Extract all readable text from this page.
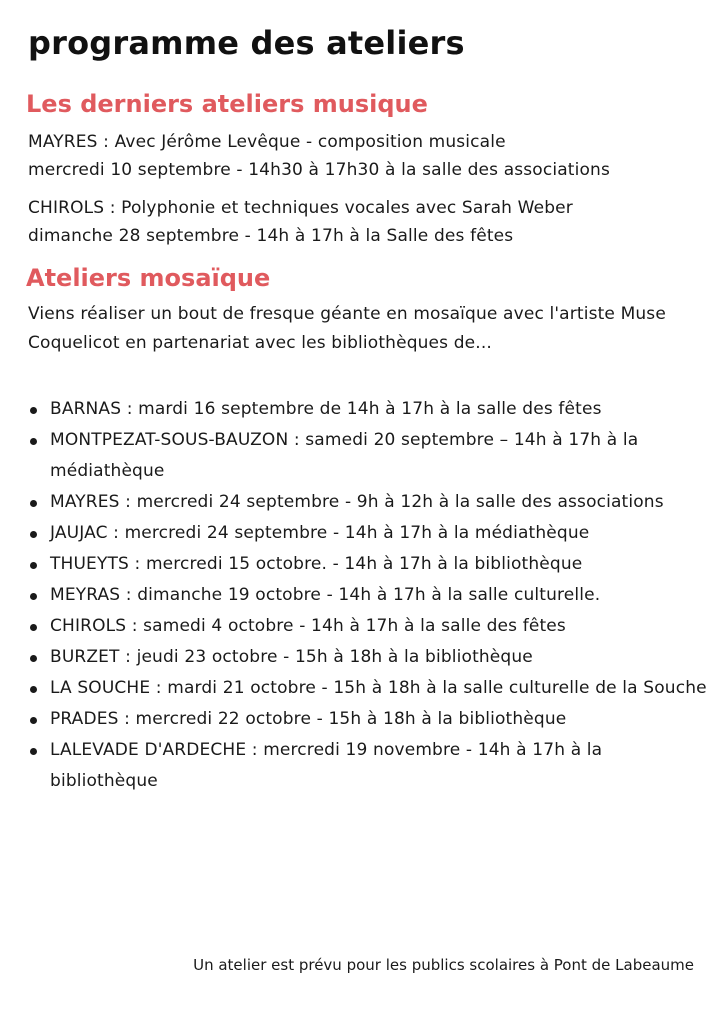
programme des ateliers
Les derniers ateliers musique

MAYRES : Avec Jérôme Levêque - composition musicale

mercredi 10 septembre - 14h30 à 17h30 à la salle des associations

CHIROLS : Polyphonie et techniques vocales avec Sarah Weber

dimanche 28 septembre - 14h à 17h à la Salle des fêtes

Ateliers mosaïque

Viens réaliser un bout de fresque géante en mosaïque avec l'artiste Muse Coquelicot en partenariat avec les bibliothèques de...

BARNAS : mardi 16 septembre de 14h à 17h à la salle des fêtes
MONTPEZAT-SOUS-BAUZON : samedi 20 septembre – 14h à 17h à la médiathèque
MAYRES : mercredi 24 septembre - 9h à 12h à la salle des associations
JAUJAC : mercredi 24 septembre - 14h à 17h à la médiathèque
THUEYTS : mercredi 15 octobre. - 14h à 17h à la bibliothèque
MEYRAS : dimanche 19 octobre - 14h à 17h à la salle culturelle.
CHIROLS : samedi 4 octobre - 14h à 17h à la salle des fêtes
BURZET : jeudi 23 octobre - 15h à 18h à la bibliothèque
LA SOUCHE : mardi 21 octobre - 15h à 18h à la salle culturelle de la Souche
PRADES : mercredi 22 octobre - 15h à 18h à la bibliothèque
LALEVADE D'ARDECHE : mercredi 19 novembre - 14h à 17h à la bibliothèque

Un atelier est prévu pour les publics scolaires à Pont de Labeaume
